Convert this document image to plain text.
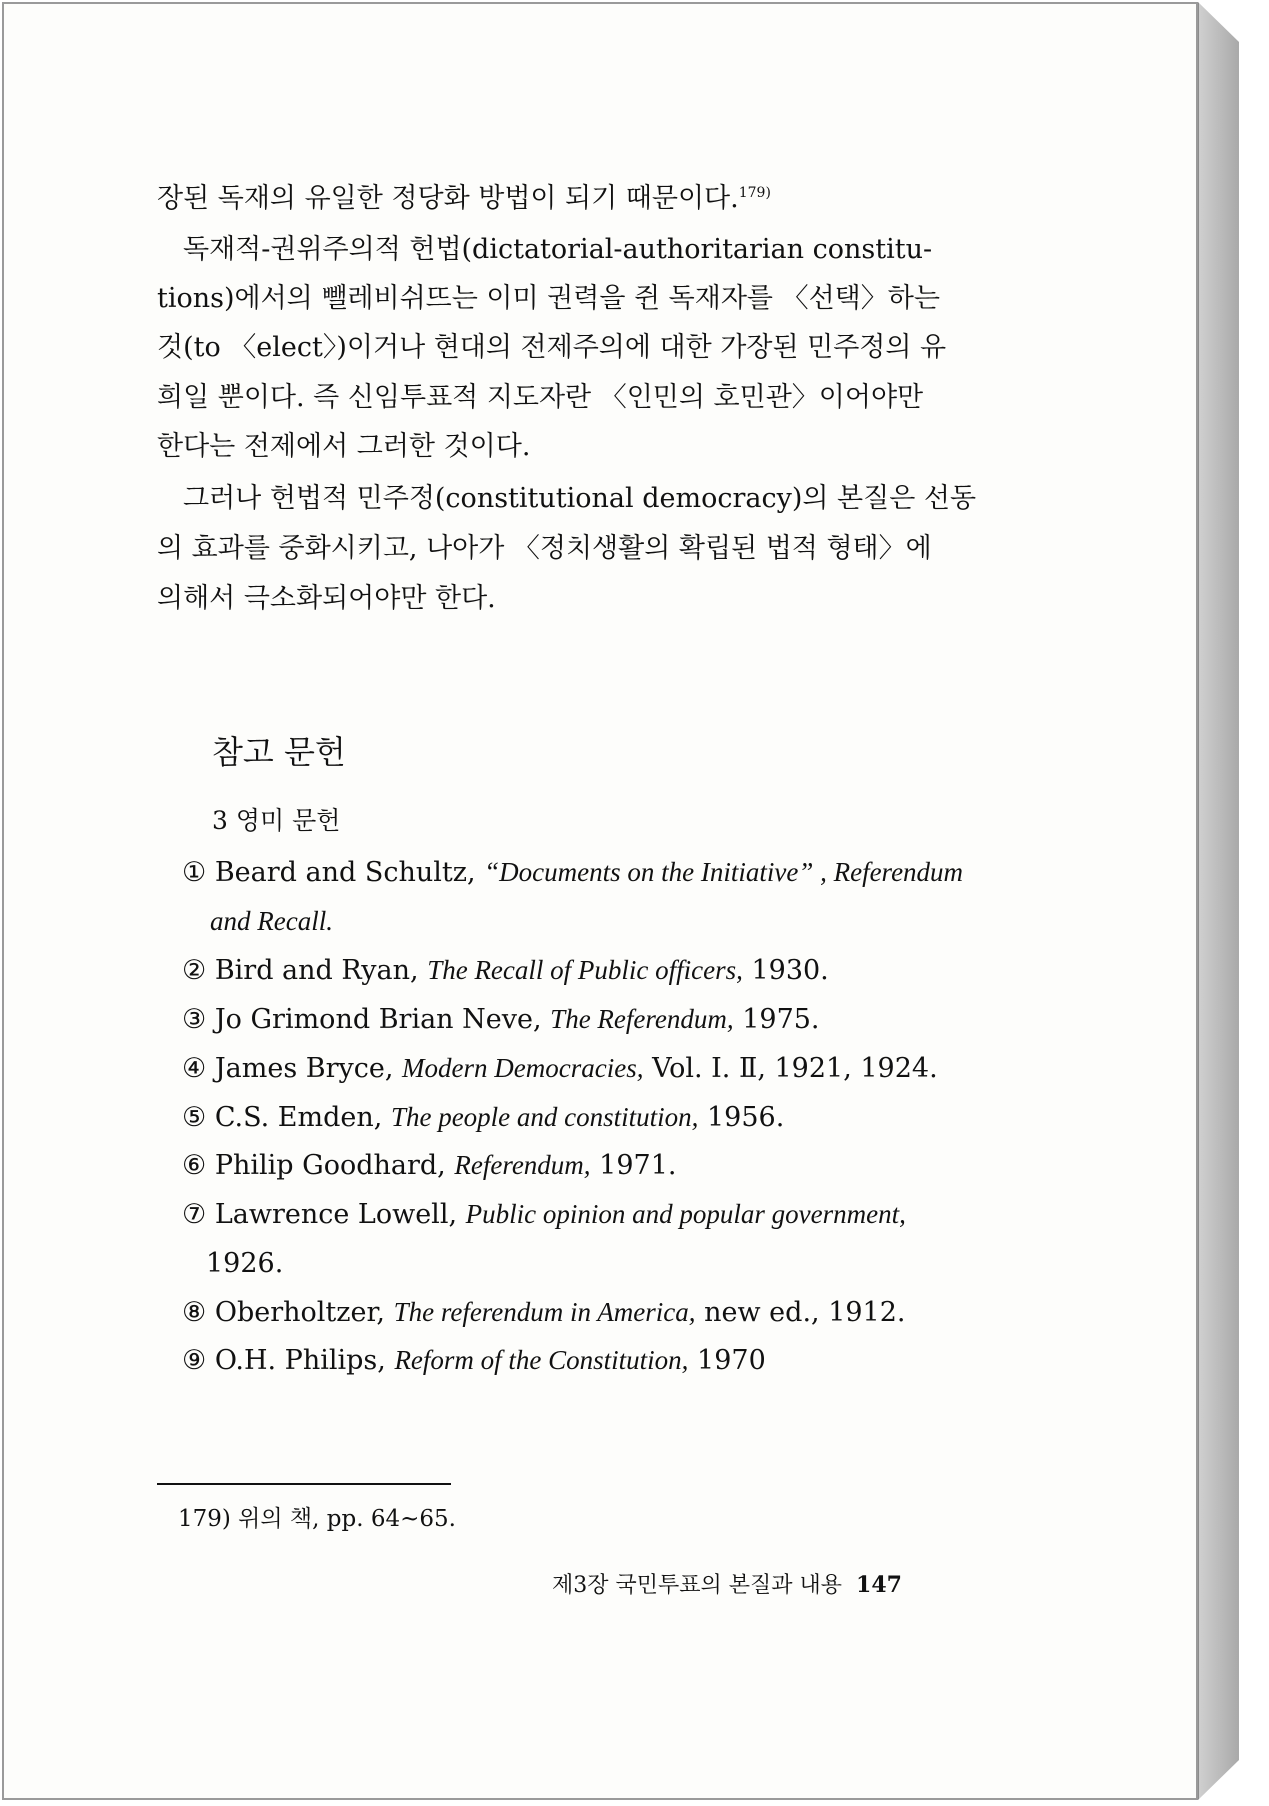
장된 독재의 유일한 정당화 방법이 되기 때문이다.$^{179)}$
독재적-권위주의적 헌법(dictatorial-authoritarian constitu-
tions)에서의 뺄레비쉬뜨는 이미 권력을 쥔 독재자를 〈선택〉하는
것(to 〈elect〉)이거나 현대의 전제주의에 대한 가장된 민주정의 유
희일 뿐이다. 즉 신임투표적 지도자란 〈인민의 호민관〉이어야만
한다는 전제에서 그러한 것이다.
그러나 헌법적 민주정(constitutional democracy)의 본질은 선동
의 효과를 중화시키고, 나아가 〈정치생활의 확립된 법적 형태〉에
의해서 극소화되어야만 한다.
참고 문헌
3 영미 문헌
① Beard and Schultz, “Documents on the Initiative” , Referendum
and Recall.
② Bird and Ryan, The Recall of Public officers, 1930.
③ Jo Grimond Brian Neve, The Referendum, 1975.
④ James Bryce, Modern Democracies, Vol. Ⅰ. Ⅱ, 1921, 1924.
⑤ C.S. Emden, The people and constitution, 1956.
⑥ Philip Goodhard, Referendum, 1971.
⑦ Lawrence Lowell, Public opinion and popular government,
1926.
⑧ Oberholtzer, The referendum in America, new ed., 1912.
⑨ O.H. Philips, Reform of the Constitution, 1970
179) 위의 책, pp. 64~65.
제3장 국민투표의 본질과 내용 147
